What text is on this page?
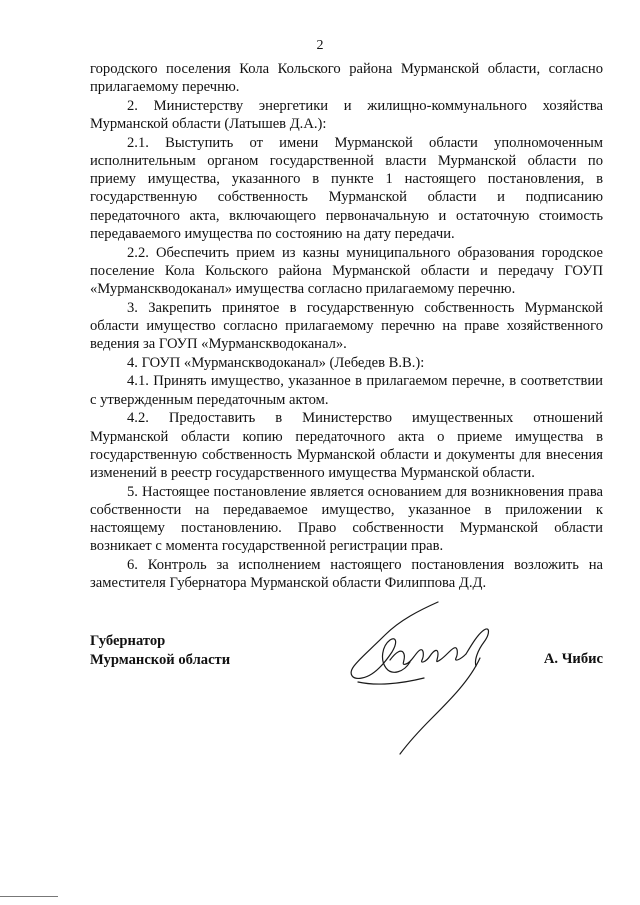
2

городского поселения Кола Кольского района Мурманской области, согласно прилагаемому перечню.

2. Министерству энергетики и жилищно-коммунального хозяйства Мурманской области (Латышев Д.А.):

2.1. Выступить от имени Мурманской области уполномоченным исполнительным органом государственной власти Мурманской области по приему имущества, указанного в пункте 1 настоящего постановления, в государственную собственность Мурманской области и подписанию передаточного акта, включающего первоначальную и остаточную стоимость передаваемого имущества по состоянию на дату передачи.

2.2. Обеспечить прием из казны муниципального образования городское поселение Кола Кольского района Мурманской области и передачу ГОУП «Мурманскводоканал» имущества согласно прилагаемому перечню.

3. Закрепить принятое в государственную собственность Мурманской области имущество согласно прилагаемому перечню на праве хозяйственного ведения за ГОУП «Мурманскводоканал».

4. ГОУП «Мурманскводоканал» (Лебедев В.В.):

4.1. Принять имущество, указанное в прилагаемом перечне, в соответствии с утвержденным передаточным актом.

4.2. Предоставить в Министерство имущественных отношений Мурманской области копию передаточного акта о приеме имущества в государственную собственность Мурманской области и документы для внесения изменений в реестр государственного имущества Мурманской области.

5. Настоящее постановление является основанием для возникновения права собственности на передаваемое имущество, указанное в приложении к настоящему постановлению. Право собственности Мурманской области возникает с момента государственной регистрации прав.

6. Контроль за исполнением настоящего постановления возложить на заместителя Губернатора Мурманской области Филиппова Д.Д.

Губернатор
Мурманской области	А. Чибис
